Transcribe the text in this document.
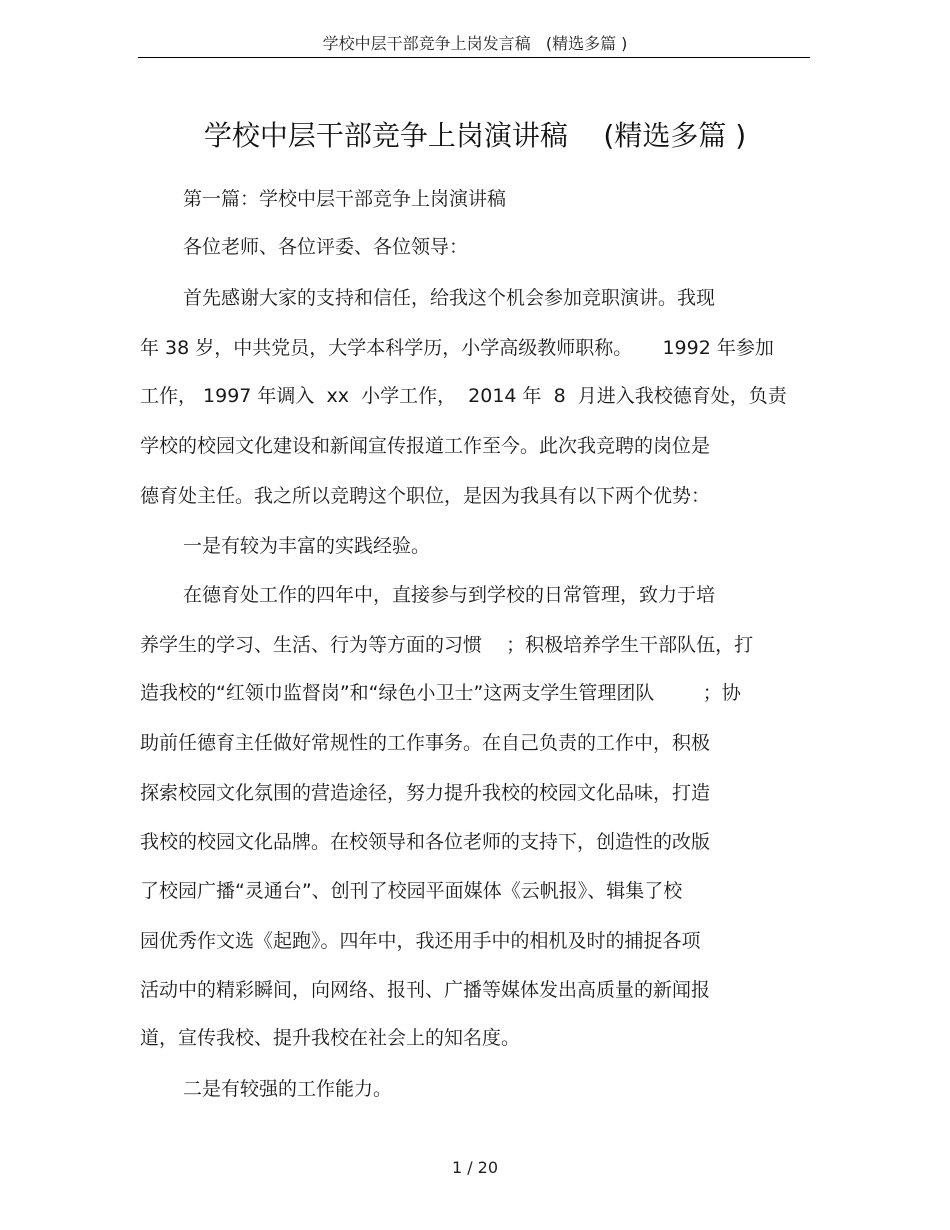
学校中层干部竞争上岗发言稿   (精选多篇 )
学校中层干部竞争上岗演讲稿    (精选多篇 )
第一篇：学校中层干部竞争上岗演讲稿
各位老师、各位评委、各位领导：
首先感谢大家的支持和信任，给我这个机会参加竞职演讲。我现
年 38 岁，中共党员，大学本科学历，小学高级教师职称。     1992 年参加
工作， 1997 年调入  xx  小学工作，  2014 年  8  月进入我校德育处，负责
学校的校园文化建设和新闻宣传报道工作至今。此次我竞聘的岗位是
德育处主任。我之所以竞聘这个职位，是因为我具有以下两个优势：
一是有较为丰富的实践经验。
在德育处工作的四年中，直接参与到学校的日常管理，致力于培
养学生的学习、生活、行为等方面的习惯    ；积极培养学生干部队伍，打
造我校的“红领巾监督岗”和“绿色小卫士”这两支学生管理团队        ；协
助前任德育主任做好常规性的工作事务。在自己负责的工作中，积极
探索校园文化氛围的营造途径，努力提升我校的校园文化品味，打造
我校的校园文化品牌。在校领导和各位老师的支持下，创造性的改版
了校园广播“灵通台”、创刊了校园平面媒体《云帆报》、辑集了校
园优秀作文选《起跑》。四年中，我还用手中的相机及时的捕捉各项
活动中的精彩瞬间，向网络、报刊、广播等媒体发出高质量的新闻报
道，宣传我校、提升我校在社会上的知名度。
二是有较强的工作能力。
1 / 20
